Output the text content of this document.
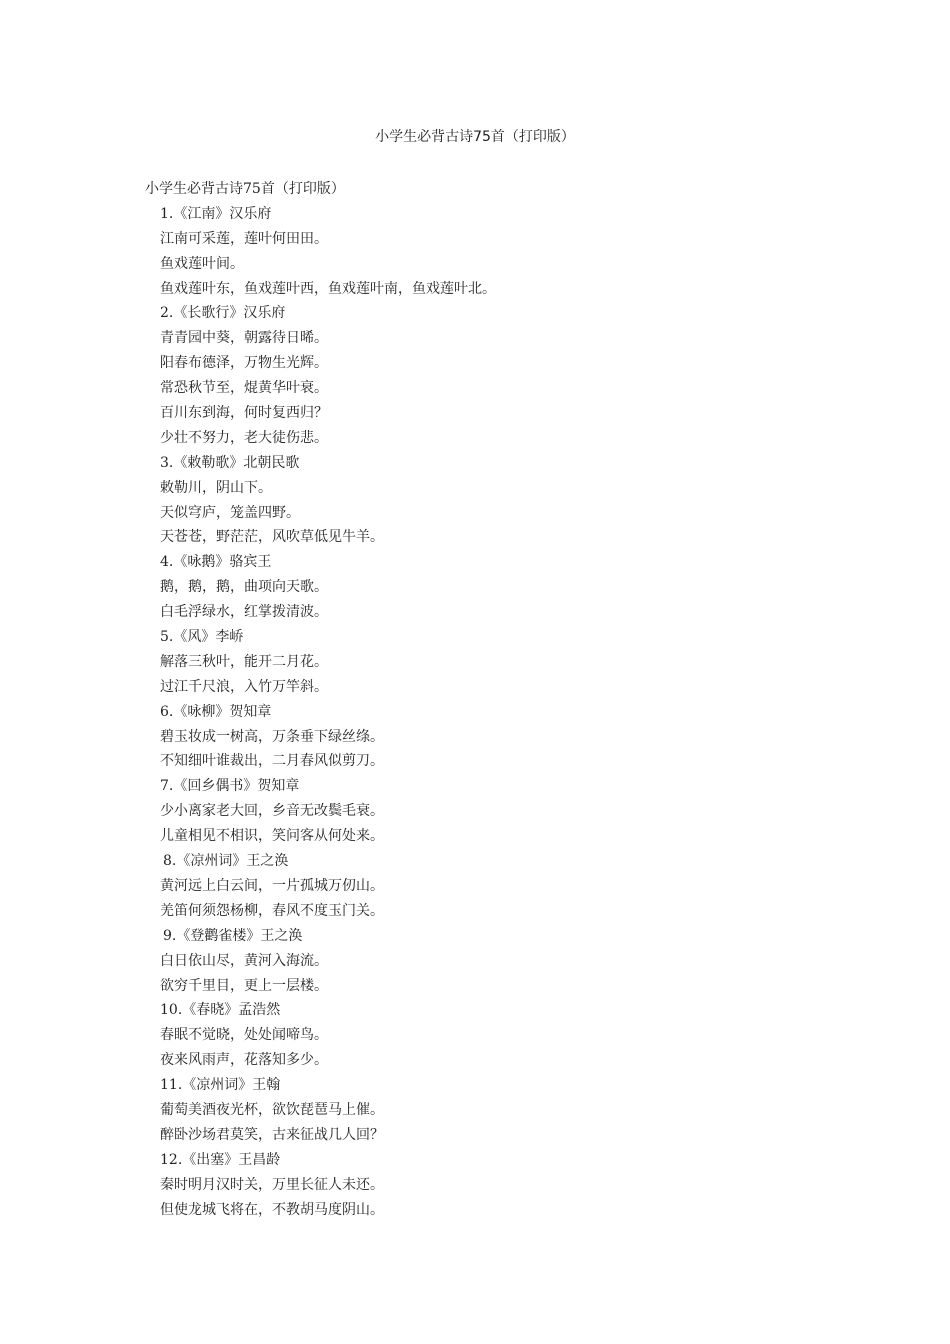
小学生必背古诗75首（打印版）
小学生必背古诗75首（打印版）
1.《江南》汉乐府
江南可采莲，莲叶何田田。
鱼戏莲叶间。
鱼戏莲叶东，鱼戏莲叶西，鱼戏莲叶南，鱼戏莲叶北。
2.《长歌行》汉乐府
青青园中葵，朝露待日晞。
阳春布德泽，万物生光辉。
常恐秋节至，焜黄华叶衰。
百川东到海，何时复西归？
少壮不努力，老大徒伤悲。
3.《敕勒歌》北朝民歌
敕勒川，阴山下。
天似穹庐，笼盖四野。
天苍苍，野茫茫，风吹草低见牛羊。
4.《咏鹅》骆宾王
鹅，鹅，鹅，曲项向天歌。
白毛浮绿水，红掌拨清波。
5.《风》李峤
解落三秋叶，能开二月花。
过江千尺浪，入竹万竿斜。
6.《咏柳》贺知章
碧玉妆成一树高，万条垂下绿丝绦。
不知细叶谁裁出，二月春风似剪刀。
7.《回乡偶书》贺知章
少小离家老大回，乡音无改鬓毛衰。
儿童相见不相识，笑问客从何处来。
8.《凉州词》王之涣
黄河远上白云间，一片孤城万仞山。
羌笛何须怨杨柳，春风不度玉门关。
9.《登鹳雀楼》王之涣
白日依山尽，黄河入海流。
欲穷千里目，更上一层楼。
10.《春晓》孟浩然
春眠不觉晓，处处闻啼鸟。
夜来风雨声，花落知多少。
11.《凉州词》王翰
葡萄美酒夜光杯，欲饮琵琶马上催。
醉卧沙场君莫笑，古来征战几人回？
12.《出塞》王昌龄
秦时明月汉时关，万里长征人未还。
但使龙城飞将在，不教胡马度阴山。
